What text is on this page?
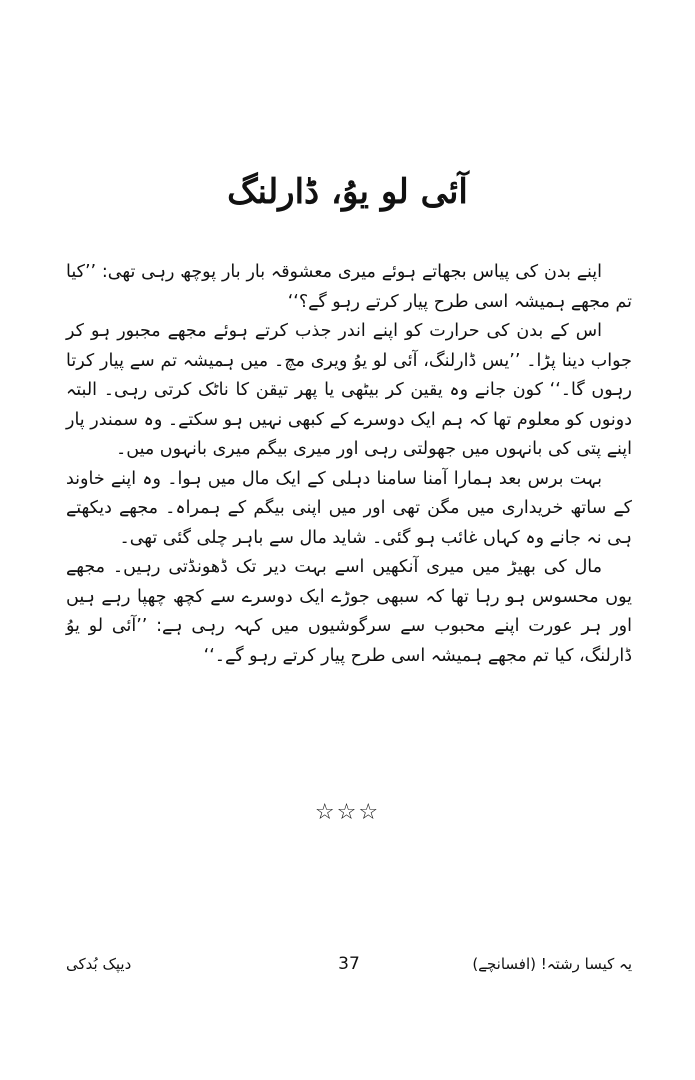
آئی لو یوُ، ڈارلنگ

اپنے بدن کی پیاس بجھاتے ہوئے میری معشوقہ بار بار پوچھ رہی تھی: ’’کیا تم مجھے ہمیشہ اسی طرح پیار کرتے رہو گے؟‘‘

اس کے بدن کی حرارت کو اپنے اندر جذب کرتے ہوئے مجھے مجبور ہو کر جواب دینا پڑا۔ ’’یس ڈارلنگ، آئی لو یوُ ویری مچ۔ میں ہمیشہ تم سے پیار کرتا رہوں گا۔‘‘ کون جانے وہ یقین کر بیٹھی یا پھر تیقن کا ناٹک کرتی رہی۔ البتہ دونوں کو معلوم تھا کہ ہم ایک دوسرے کے کبھی نہیں ہو سکتے۔ وہ سمندر پار اپنے پتی کی بانہوں میں جھولتی رہی اور میری بیگم میری بانہوں میں۔

بہت برس بعد ہمارا آمنا سامنا دہلی کے ایک مال میں ہوا۔ وہ اپنے خاوند کے ساتھ خریداری میں مگن تھی اور میں اپنی بیگم کے ہمراہ۔ مجھے دیکھتے ہی نہ جانے وہ کہاں غائب ہو گئی۔ شاید مال سے باہر چلی گئی تھی۔

مال کی بھیڑ میں میری آنکھیں اسے بہت دیر تک ڈھونڈتی رہیں۔ مجھے یوں محسوس ہو رہا تھا کہ سبھی جوڑے ایک دوسرے سے کچھ چھپا رہے ہیں اور ہر عورت اپنے محبوب سے سرگوشیوں میں کہہ رہی ہے: ’’آئی لو یوُ ڈارلنگ، کیا تم مجھے ہمیشہ اسی طرح پیار کرتے رہو گے۔‘‘

☆☆☆
دیپک بُدکی	37	یہ کیسا رشتہ! (افسانچے)
